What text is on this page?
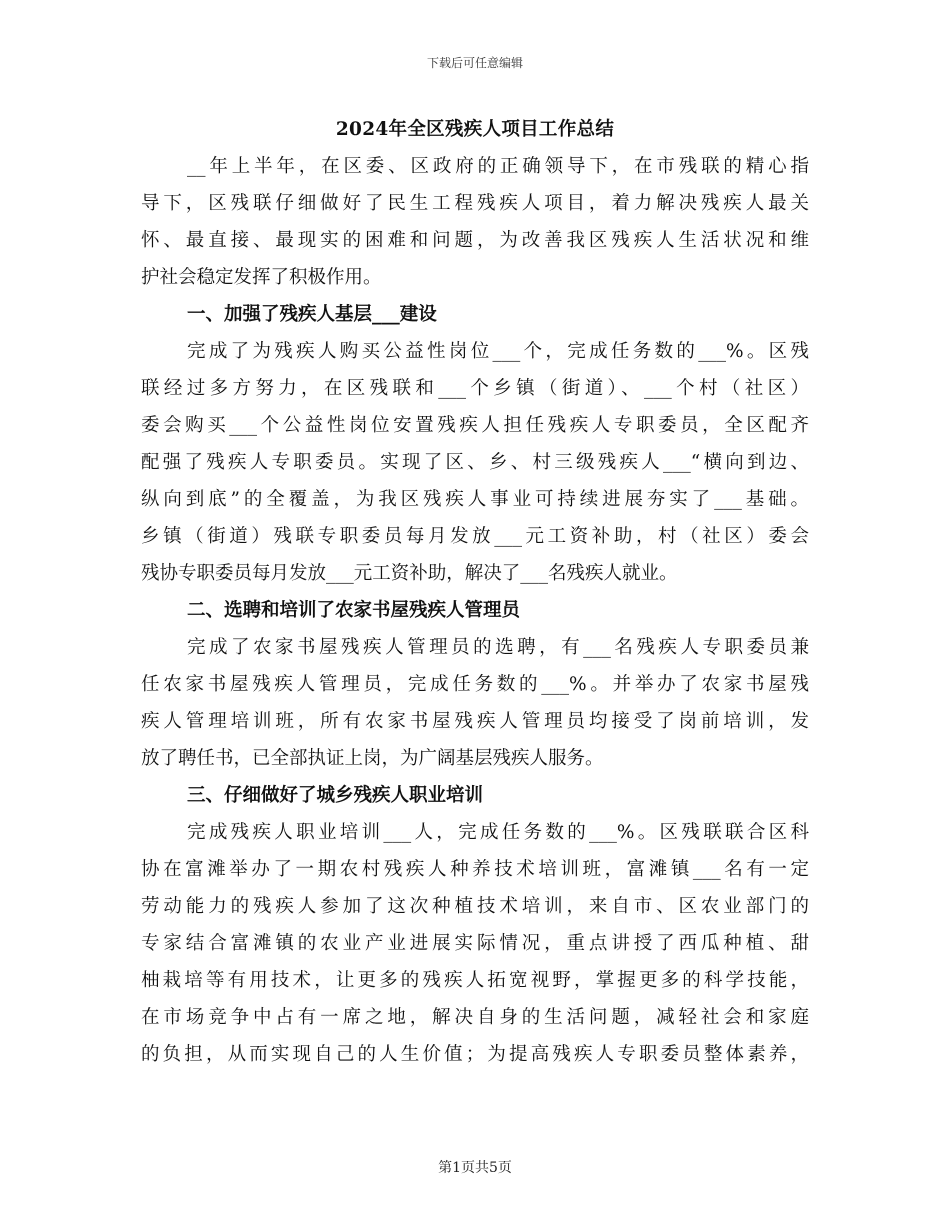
下载后可任意编辑
2024年全区残疾人项目工作总结
__年上半年，在区委、区政府的正确领导下，在市残联的精心指
导下，区残联仔细做好了民生工程残疾人项目，着力解决残疾人最关
怀、最直接、最现实的困难和问题，为改善我区残疾人生活状况和维
护社会稳定发挥了积极作用。
一、加强了残疾人基层___建设
完成了为残疾人购买公益性岗位___个，完成任务数的___%。区残
联经过多方努力，在区残联和___个乡镇（街道）、___个村（社区）
委会购买___个公益性岗位安置残疾人担任残疾人专职委员，全区配齐
配强了残疾人专职委员。实现了区、乡、村三级残疾人___“横向到边、
纵向到底”的全覆盖，为我区残疾人事业可持续进展夯实了___基础。
乡镇（街道）残联专职委员每月发放___元工资补助，村（社区）委会
残协专职委员每月发放___元工资补助，解决了___名残疾人就业。
二、选聘和培训了农家书屋残疾人管理员
完成了农家书屋残疾人管理员的选聘，有___名残疾人专职委员兼
任农家书屋残疾人管理员，完成任务数的___%。并举办了农家书屋残
疾人管理培训班，所有农家书屋残疾人管理员均接受了岗前培训，发
放了聘任书，已全部执证上岗，为广阔基层残疾人服务。
三、仔细做好了城乡残疾人职业培训
完成残疾人职业培训___人，完成任务数的___%。区残联联合区科
协在富滩举办了一期农村残疾人种养技术培训班，富滩镇___名有一定
劳动能力的残疾人参加了这次种植技术培训，来自市、区农业部门的
专家结合富滩镇的农业产业进展实际情况，重点讲授了西瓜种植、甜
柚栽培等有用技术，让更多的残疾人拓宽视野，掌握更多的科学技能，
在市场竞争中占有一席之地，解决自身的生活问题，减轻社会和家庭
的负担，从而实现自己的人生价值；为提高残疾人专职委员整体素养，
第1页共5页
